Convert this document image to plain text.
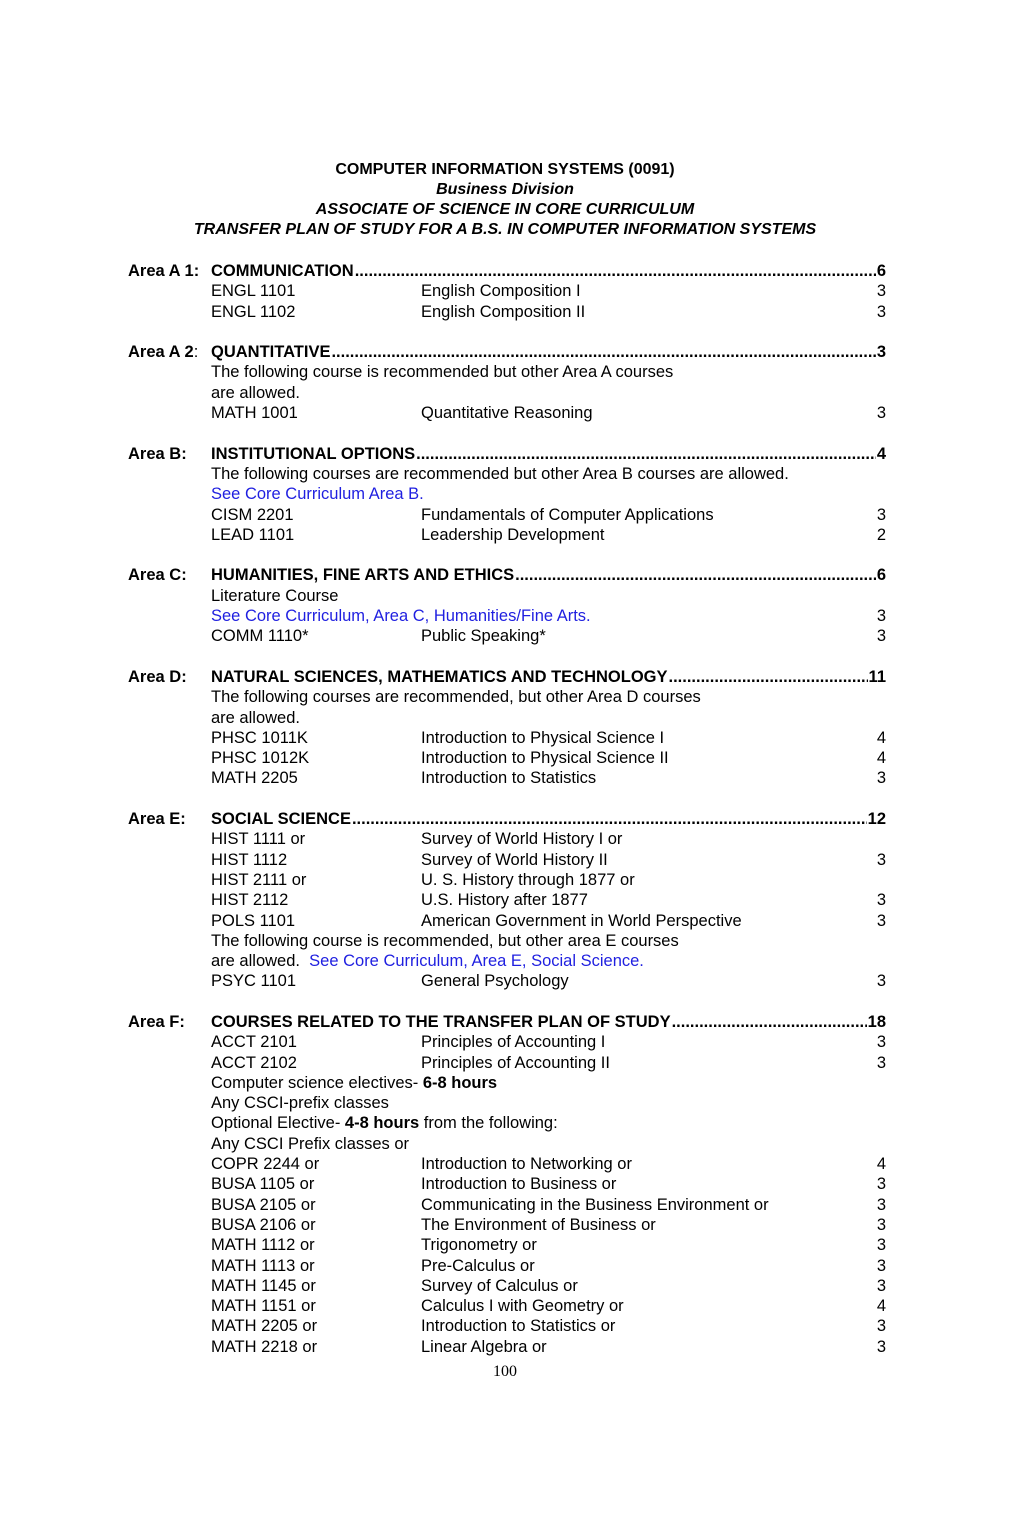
COMPUTER INFORMATION SYSTEMS (0091)
Business Division
ASSOCIATE OF SCIENCE IN CORE CURRICULUM
TRANSFER PLAN OF STUDY FOR A B.S. IN COMPUTER INFORMATION SYSTEMS
Area A 1: COMMUNICATION .....	6
ENGL 1101	English Composition I	3
ENGL 1102	English Composition II	3
Area A 2: QUANTITATIVE .....	3
The following course is recommended but other Area A courses
are allowed.
MATH 1001	Quantitative Reasoning	3
Area B:	INSTITUTIONAL OPTIONS .....	4
The following courses are recommended but other Area B courses are allowed.
See Core Curriculum Area B.
CISM 2201	Fundamentals of Computer Applications	3
LEAD 1101	Leadership Development	2
Area C:	HUMANITIES, FINE ARTS AND ETHICS .....	6
Literature Course
See Core Curriculum, Area C, Humanities/Fine Arts.	3
COMM 1110*	Public Speaking*	3
Area D:	NATURAL SCIENCES, MATHEMATICS AND TECHNOLOGY .....	11
The following courses are recommended, but other Area D courses
are allowed.
PHSC 1011K	Introduction to Physical Science I	4
PHSC 1012K	Introduction to Physical Science II	4
MATH 2205	Introduction to Statistics	3
Area E:	SOCIAL SCIENCE .....	12
HIST 1111 or	Survey of World History I or
HIST 1112	Survey of World History II	3
HIST 2111 or	U. S. History through 1877 or
HIST 2112	U.S. History after 1877	3
POLS 1101	American Government in World Perspective	3
The following course is recommended, but other area E courses
are allowed. See Core Curriculum, Area E, Social Science.
PSYC 1101	General Psychology	3
Area F:	COURSES RELATED TO THE TRANSFER PLAN OF STUDY .....	18
ACCT 2101	Principles of Accounting I	3
ACCT 2102	Principles of Accounting II	3
Computer science electives- 6-8 hours
Any CSCI-prefix classes
Optional Elective- 4-8 hours from the following:
Any CSCI Prefix classes or
COPR 2244 or	Introduction to Networking or	4
BUSA 1105 or	Introduction to Business or	3
BUSA 2105 or	Communicating in the Business Environment or	3
BUSA 2106 or	The Environment of Business or	3
MATH 1112 or	Trigonometry or	3
MATH 1113 or	Pre-Calculus or	3
MATH 1145 or	Survey of Calculus or	3
MATH 1151 or	Calculus I with Geometry or	4
MATH 2205 or	Introduction to Statistics or	3
MATH 2218 or	Linear Algebra or	3
100
